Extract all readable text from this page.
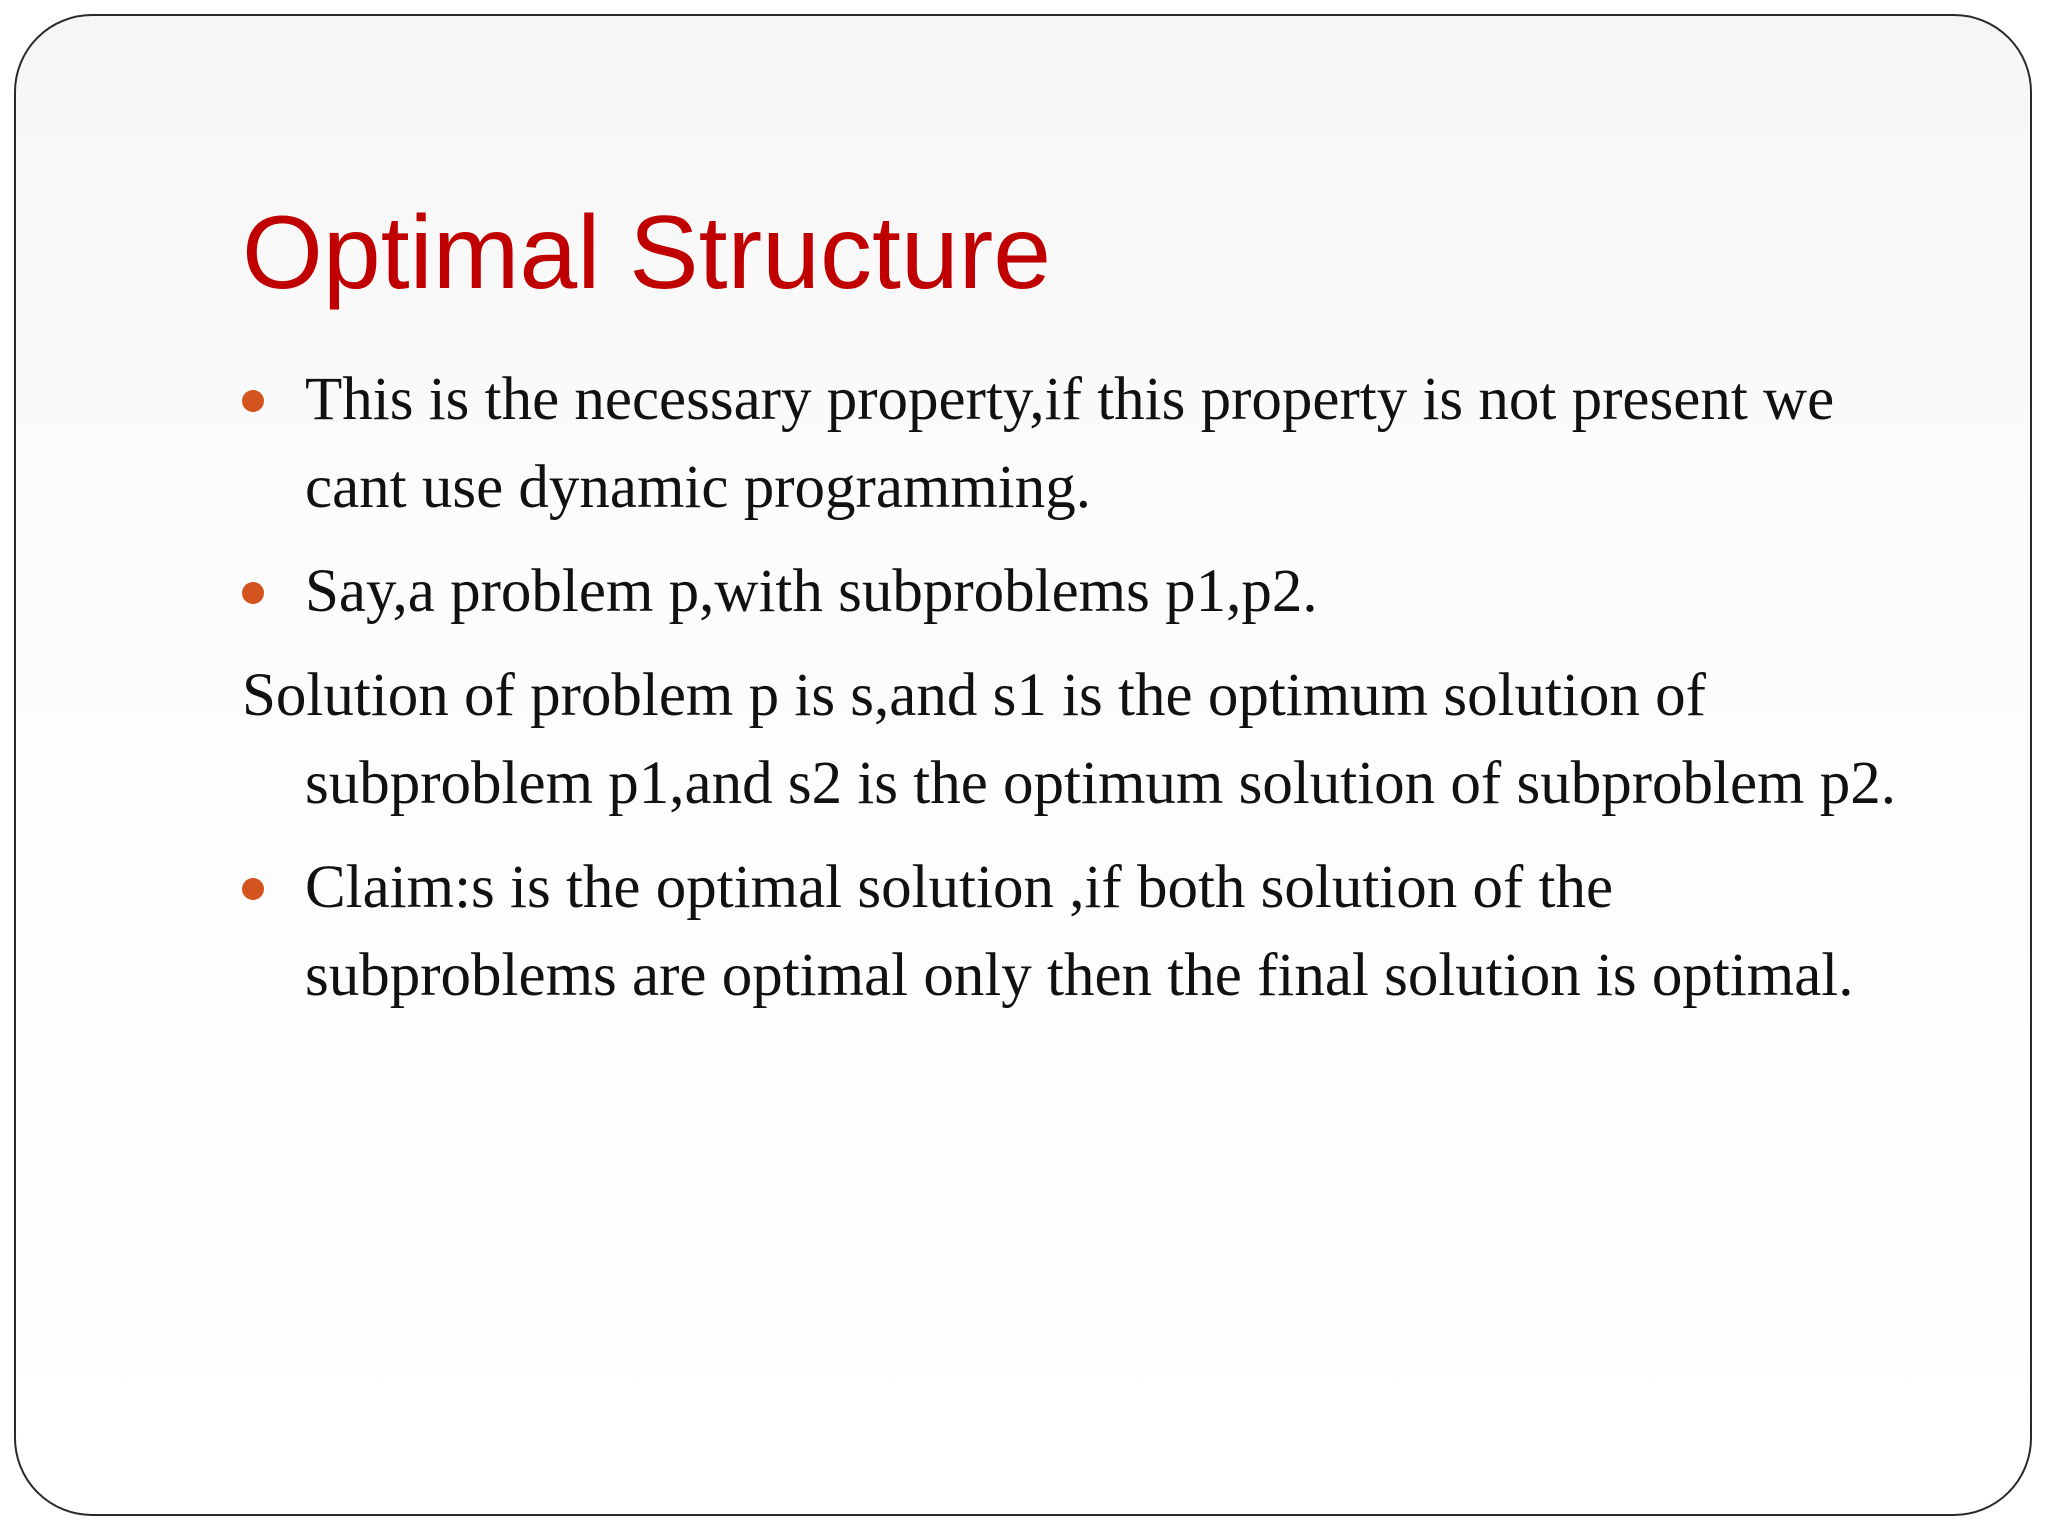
Optimal Structure

This is the necessary property,if this property is not present we cant use dynamic programming.

Say,a problem p,with subproblems p1,p2.

Solution of problem p is s,and s1 is the optimum solution of subproblem p1,and s2 is the optimum solution of subproblem p2.

Claim:s is the optimal solution ,if both solution of the subproblems are optimal only then the final solution is optimal.
